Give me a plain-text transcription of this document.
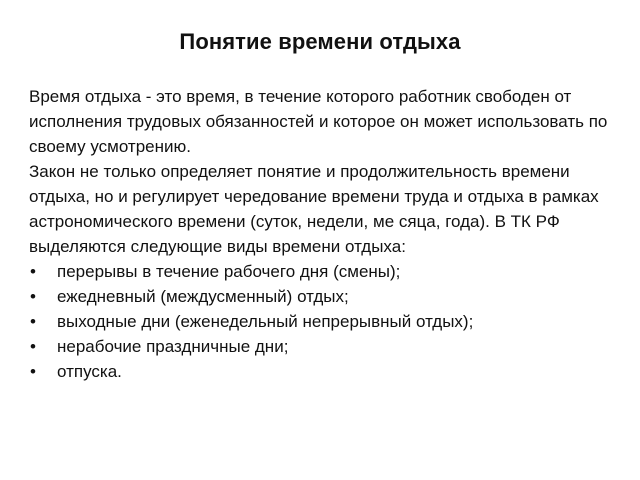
Понятие времени отдыха

Время отдыха - это время, в течение которого работник свободен от исполнения трудовых обязанностей и которое он может использовать по своему усмотрению.

Закон не только определяет понятие и продолжительность времени отдыха, но и регулирует чередование времени труда и отдыха в рамках астрономического времени (суток, недели, ме сяца, года). В ТК РФ выделяются следующие виды времени отдыха:

• перерывы в течение рабочего дня (смены);
• ежедневный (междусменный) отдых;
• выходные дни (еженедельный непрерывный отдых);
• нерабочие праздничные дни;
• отпуска.
